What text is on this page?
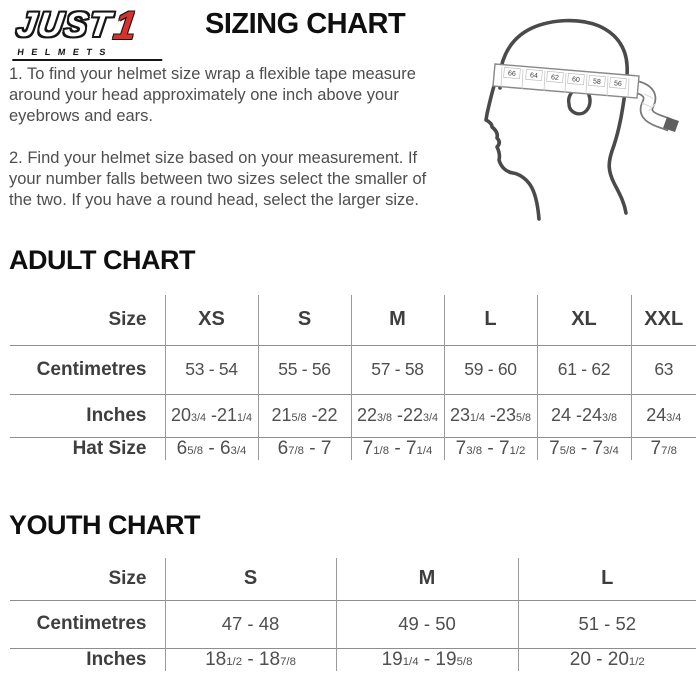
JUST1
HELMETS
SIZING CHART

1. To find your helmet size wrap a flexible tape measure around your head approximately one inch above your eyebrows and ears.

2. Find your helmet size based on your measurement. If your number falls between two sizes select the smaller of the two. If you have a round head, select the larger size.

66 64 62 60 58 56
ADULT CHART
Size	XS	S	M	L	XL	XXL
Centimetres	53 - 54	55 - 56	57 - 58	59 - 60	61 - 62	63
Inches	203/4 -211/4	215/8 -22	223/8 -223/4	231/4 -235/8	24 -243/8	243/4
Hat Size	65/8 - 63/4	67/8 - 7	71/8 - 71/4	73/8 - 71/2	75/8 - 73/4	77/8
YOUTH CHART
Size	S	M	L
Centimetres	47 - 48	49 - 50	51 - 52
Inches	181/2 - 187/8	191/4 - 195/8	20 - 201/2
